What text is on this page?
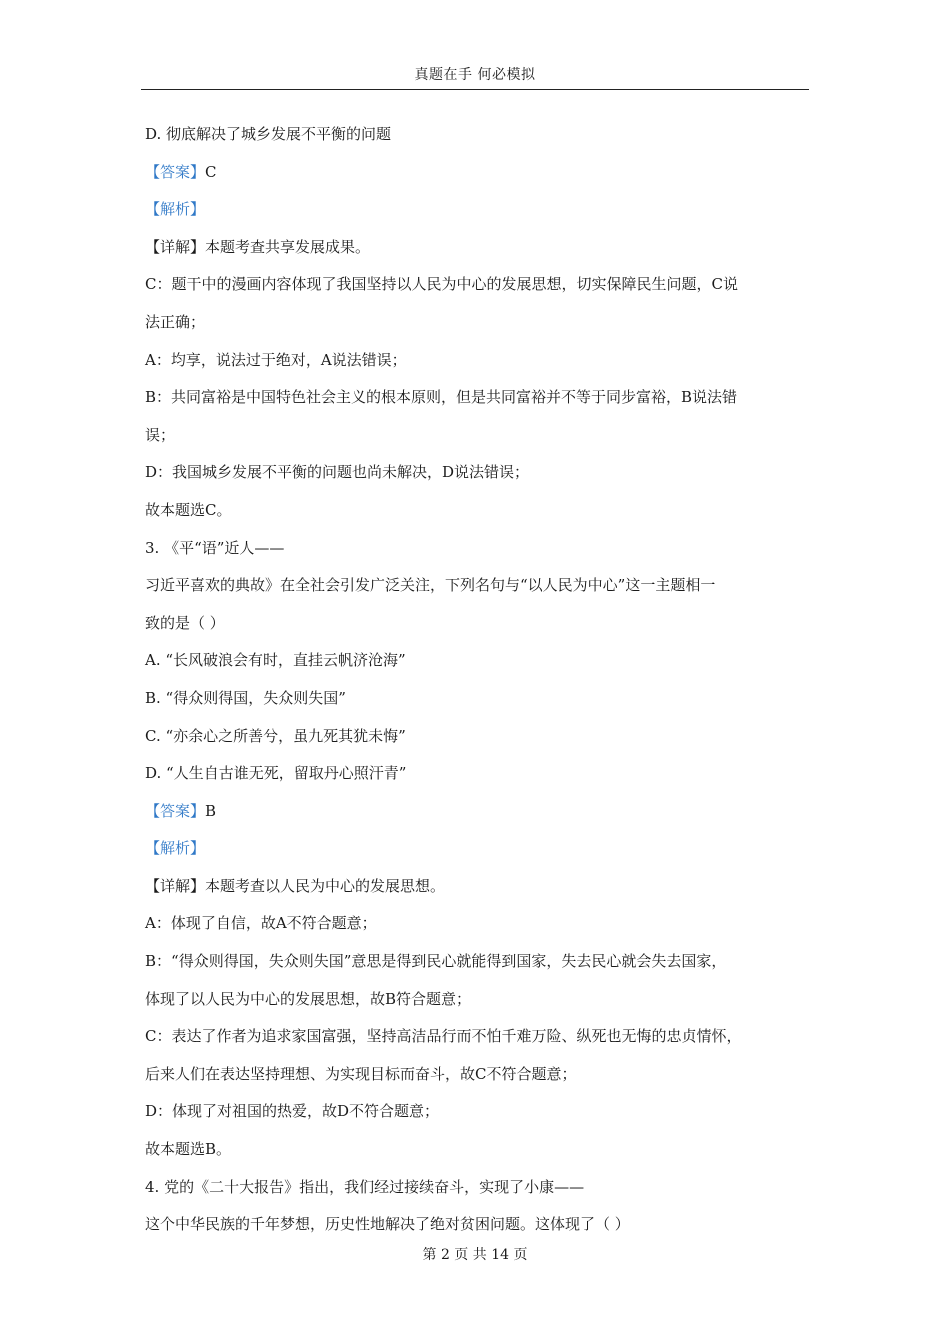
真题在手 何必模拟
D. 彻底解决了城乡发展不平衡的问题
【答案】C
【解析】
【详解】本题考查共享发展成果。
C：题干中的漫画内容体现了我国坚持以人民为中心的发展思想，切实保障民生问题，C说
法正确；
A：均享，说法过于绝对，A说法错误；
B：共同富裕是中国特色社会主义的根本原则，但是共同富裕并不等于同步富裕，B说法错
误；
D：我国城乡发展不平衡的问题也尚未解决，D说法错误；
故本题选C。
3. 《平“语”近人——
习近平喜欢的典故》在全社会引发广泛关注，下列名句与“以人民为中心”这一主题相一
致的是（ ）
A. “长风破浪会有时，直挂云帆济沧海”
B. “得众则得国，失众则失国”
C. “亦余心之所善兮，虽九死其犹未悔”
D. “人生自古谁无死，留取丹心照汗青”
【答案】B
【解析】
【详解】本题考查以人民为中心的发展思想。
A：体现了自信，故A不符合题意；
B：“得众则得国，失众则失国”意思是得到民心就能得到国家，失去民心就会失去国家，
体现了以人民为中心的发展思想，故B符合题意；
C：表达了作者为追求家国富强，坚持高洁品行而不怕千难万险、纵死也无悔的忠贞情怀，
后来人们在表达坚持理想、为实现目标而奋斗，故C不符合题意；
D：体现了对祖国的热爱，故D不符合题意；
故本题选B。
4. 党的《二十大报告》指出，我们经过接续奋斗，实现了小康——
这个中华民族的千年梦想，历史性地解决了绝对贫困问题。这体现了（ ）
第 2 页 共 14 页
